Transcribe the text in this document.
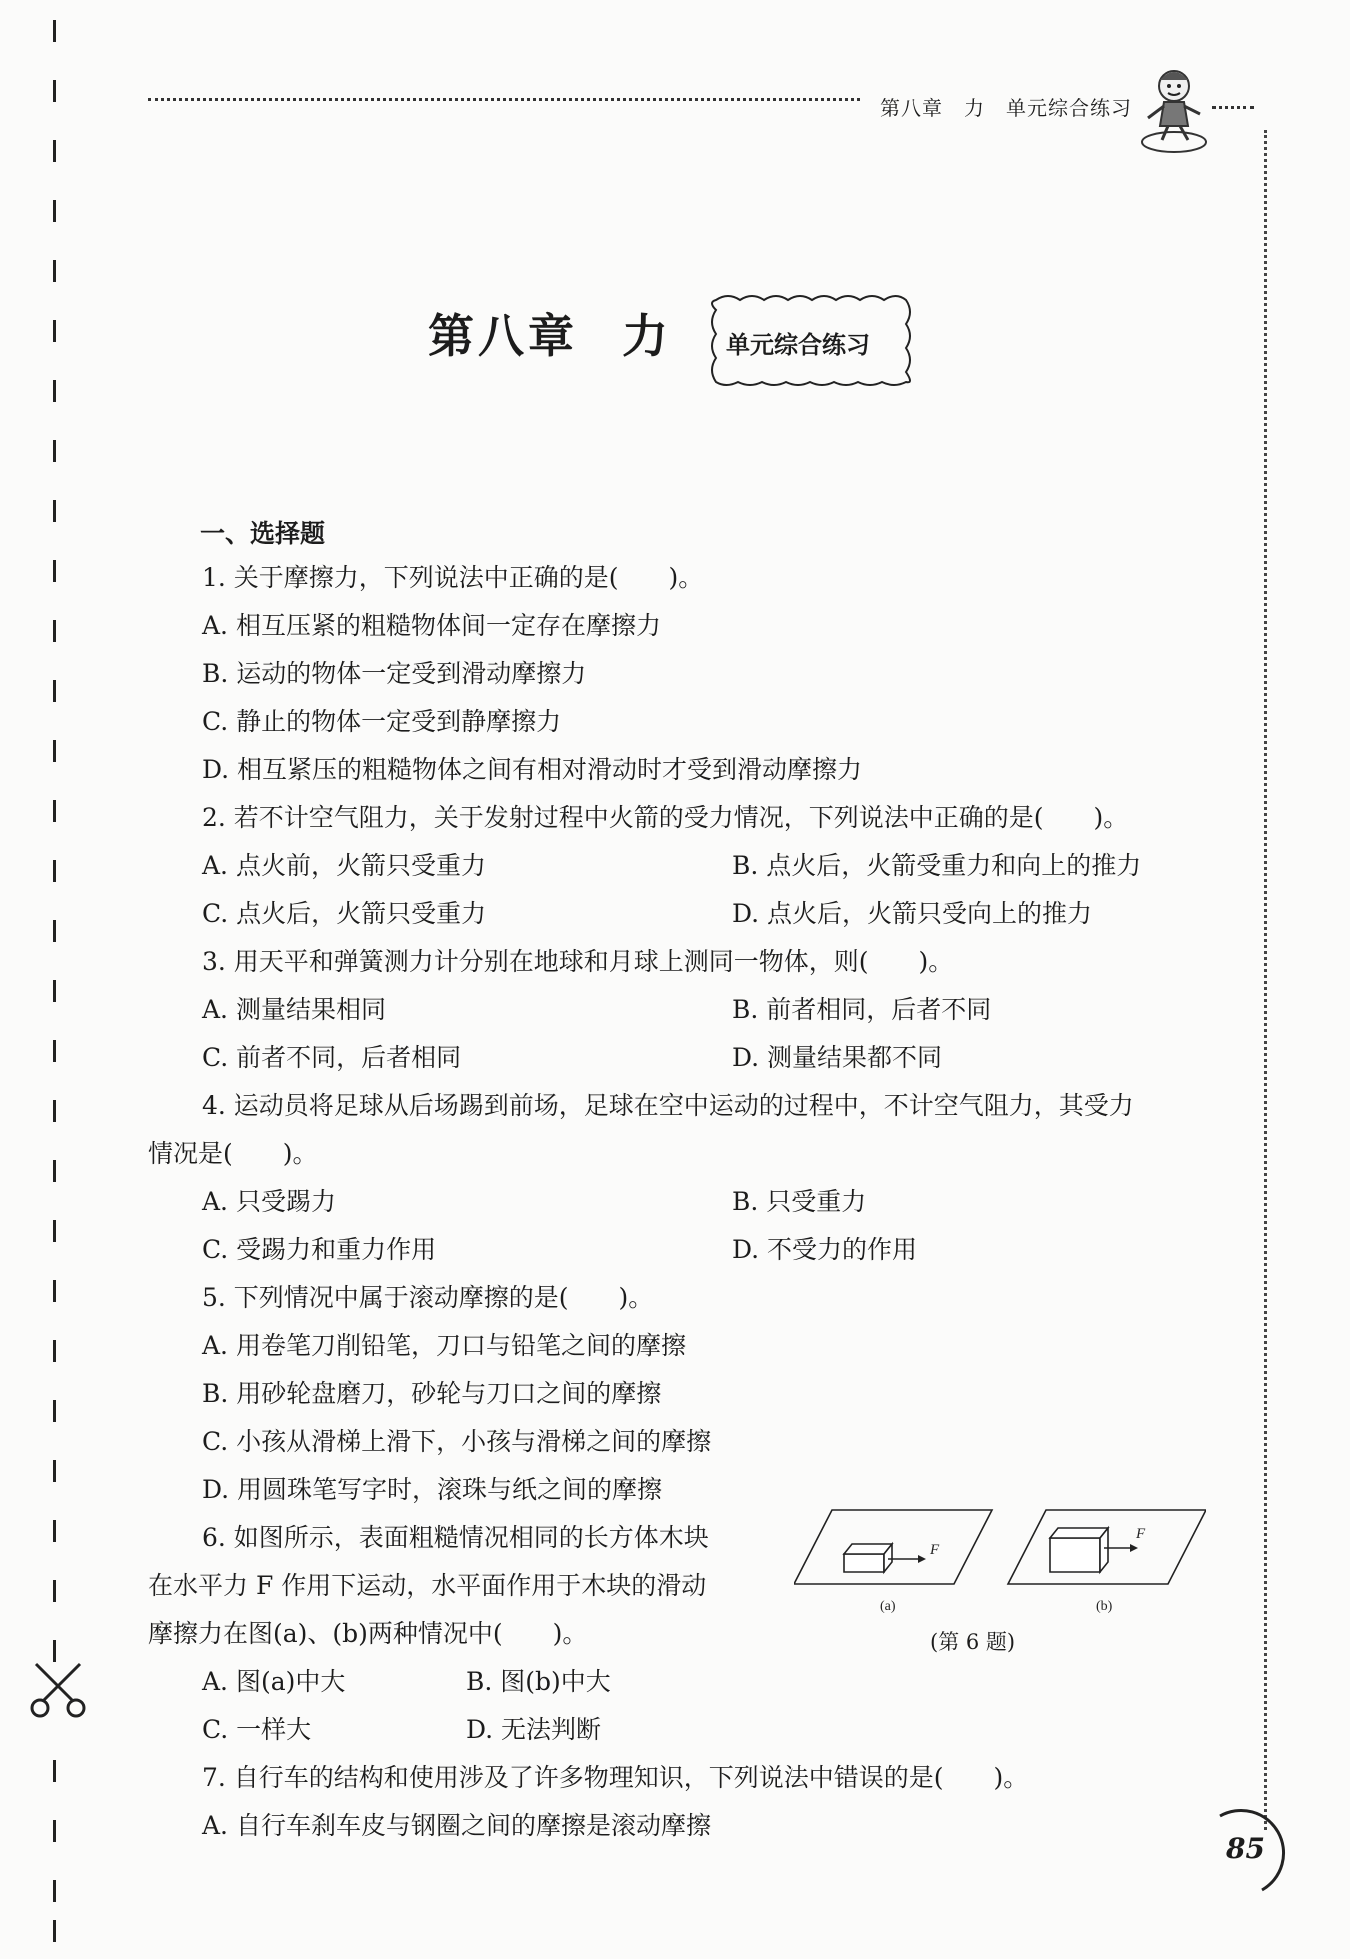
第八章　力　单元综合练习
85
第八章 力 单元综合练习
一、选择题
1. 关于摩擦力，下列说法中正确的是(　　)。
A. 相互压紧的粗糙物体间一定存在摩擦力
B. 运动的物体一定受到滑动摩擦力
C. 静止的物体一定受到静摩擦力
D. 相互紧压的粗糙物体之间有相对滑动时才受到滑动摩擦力
2. 若不计空气阻力，关于发射过程中火箭的受力情况，下列说法中正确的是(　　)。
A. 点火前，火箭只受重力	B. 点火后，火箭受重力和向上的推力
C. 点火后，火箭只受重力	D. 点火后，火箭只受向上的推力
3. 用天平和弹簧测力计分别在地球和月球上测同一物体，则(　　)。
A. 测量结果相同	B. 前者相同，后者不同
C. 前者不同，后者相同	D. 测量结果都不同
4. 运动员将足球从后场踢到前场，足球在空中运动的过程中，不计空气阻力，其受力
情况是(　　)。
A. 只受踢力	B. 只受重力
C. 受踢力和重力作用	D. 不受力的作用
5. 下列情况中属于滚动摩擦的是(　　)。
A. 用卷笔刀削铅笔，刀口与铅笔之间的摩擦
B. 用砂轮盘磨刀，砂轮与刀口之间的摩擦
C. 小孩从滑梯上滑下，小孩与滑梯之间的摩擦
D. 用圆珠笔写字时，滚珠与纸之间的摩擦
6. 如图所示，表面粗糙情况相同的长方体木块
在水平力 F 作用下运动，水平面作用于木块的滑动
摩擦力在图(a)、(b)两种情况中(　　)。
A. 图(a)中大	B. 图(b)中大
C. 一样大	D. 无法判断
7. 自行车的结构和使用涉及了许多物理知识，下列说法中错误的是(　　)。
A. 自行车刹车皮与钢圈之间的摩擦是滚动摩擦
F
(a)
F
(b)
(第 6 题)
